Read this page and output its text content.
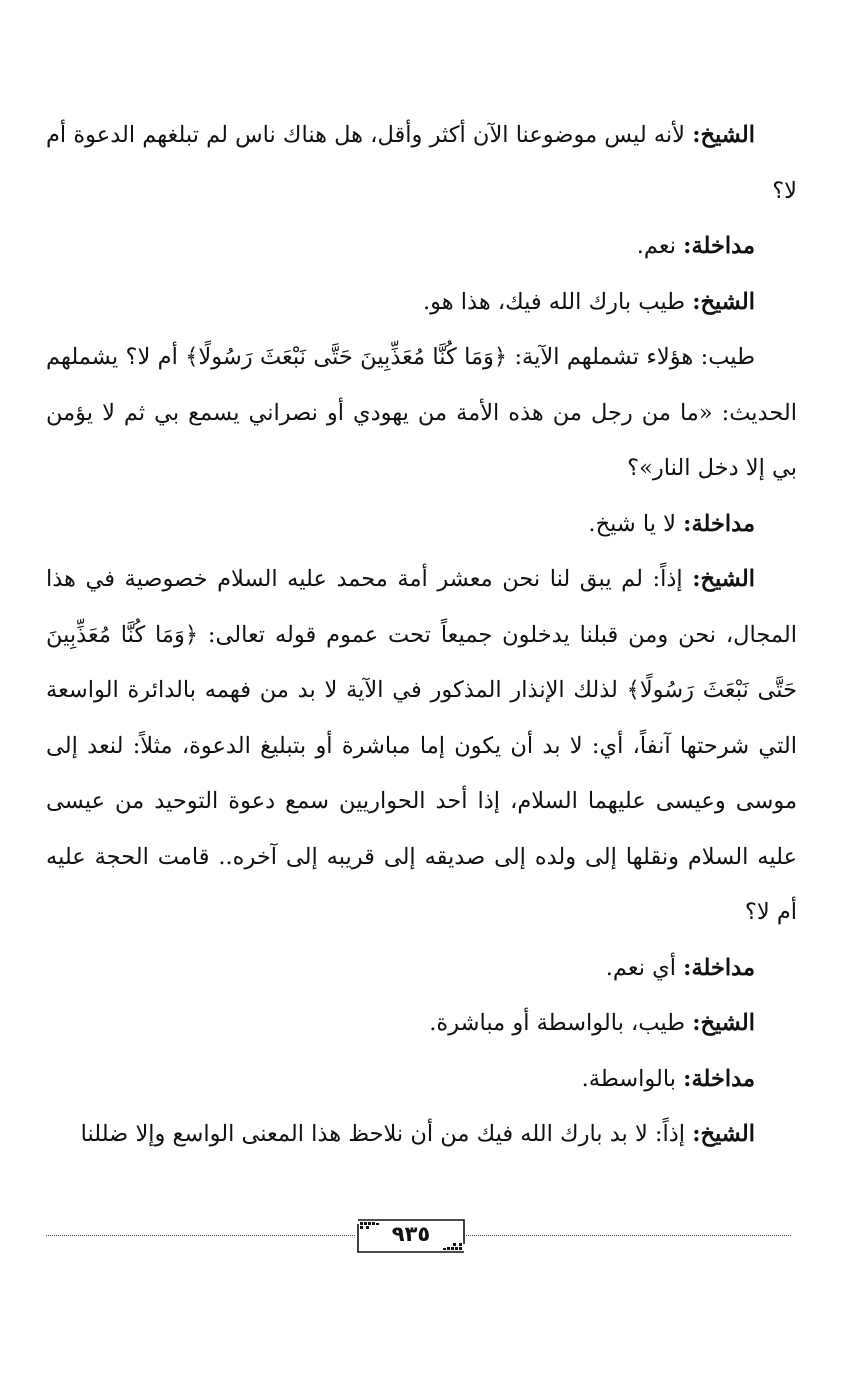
الشيخ: لأنه ليس موضوعنا الآن أكثر وأقل، هل هناك ناس لم تبلغهم الدعوة أم لا؟

مداخلة: نعم.

الشيخ: طيب بارك الله فيك، هذا هو.

طيب: هؤلاء تشملهم الآية: ﴿وَمَا كُنَّا مُعَذِّبِينَ حَتَّى نَبْعَثَ رَسُولًا﴾ أم لا؟ يشملهم الحديث: «ما من رجل من هذه الأمة من يهودي أو نصراني يسمع بي ثم لا يؤمن بي إلا دخل النار»؟

مداخلة: لا يا شيخ.

الشيخ: إذاً: لم يبق لنا نحن معشر أمة محمد عليه السلام خصوصية في هذا المجال، نحن ومن قبلنا يدخلون جميعاً تحت عموم قوله تعالى: ﴿وَمَا كُنَّا مُعَذِّبِينَ حَتَّى نَبْعَثَ رَسُولًا﴾ لذلك الإنذار المذكور في الآية لا بد من فهمه بالدائرة الواسعة التي شرحتها آنفاً، أي: لا بد أن يكون إما مباشرة أو بتبليغ الدعوة، مثلاً: لنعد إلى موسى وعيسى عليهما السلام، إذا أحد الحواريين سمع دعوة التوحيد من عيسى عليه السلام ونقلها إلى ولده إلى صديقه إلى قريبه إلى آخره.. قامت الحجة عليه أم لا؟

مداخلة: أي نعم.

الشيخ: طيب، بالواسطة أو مباشرة.

مداخلة: بالواسطة.

الشيخ: إذاً: لا بد بارك الله فيك من أن نلاحظ هذا المعنى الواسع وإلا ضللنا

٩٣٥
